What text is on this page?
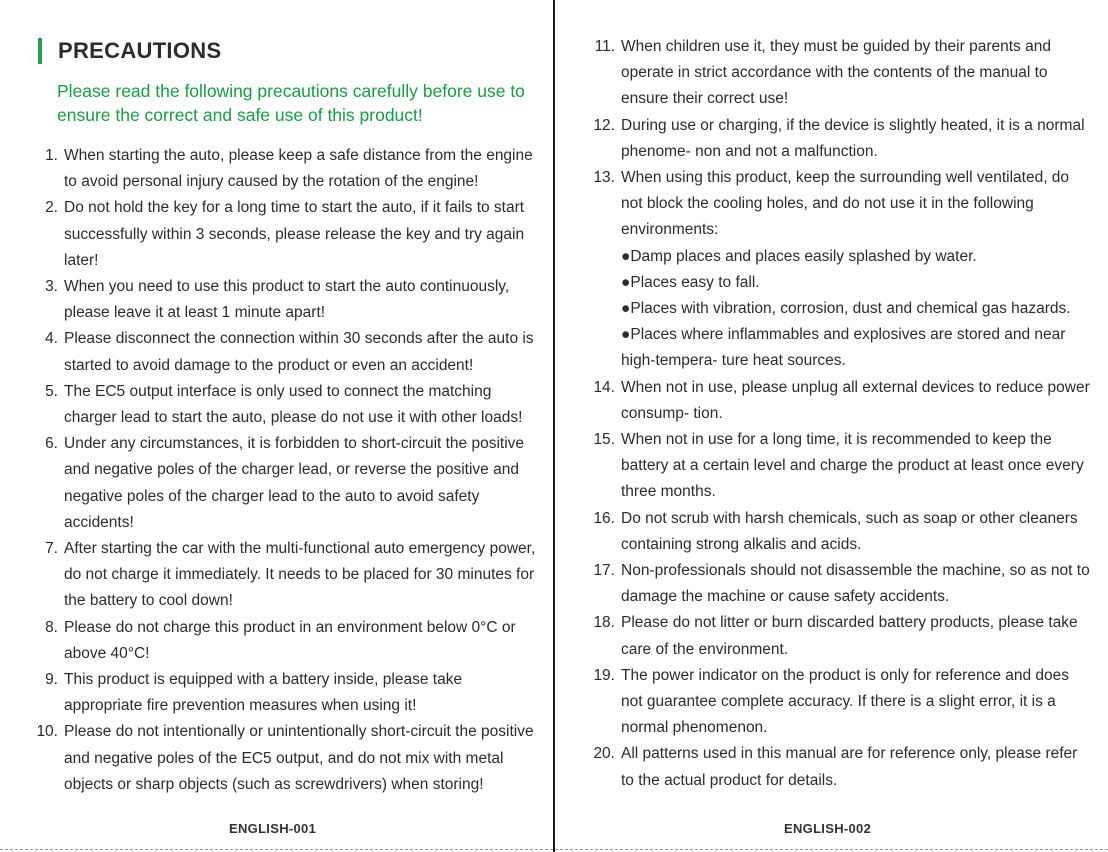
PRECAUTIONS
Please read the following precautions carefully before use to ensure the correct and safe use of this product!
1. When starting the auto, please keep a safe distance from the engine to avoid personal injury caused by the rotation of the engine!
2. Do not hold the key for a long time to start the auto, if it fails to start successfully within 3 seconds, please release the key and try again later!
3. When you need to use this product to start the auto continuously, please leave it at least 1 minute apart!
4. Please disconnect the connection within 30 seconds after the auto is started to avoid damage to the product or even an accident!
5. The EC5 output interface is only used to connect the matching charger lead to start the auto, please do not use it with other loads!
6. Under any circumstances, it is forbidden to short-circuit the positive and negative poles of the charger lead, or reverse the positive and negative poles of the charger lead to the auto to avoid safety accidents!
7. After starting the car with the multi-functional auto emergency power, do not charge it immediately. It needs to be placed for 30 minutes for the battery to cool down!
8. Please do not charge this product in an environment below 0°C or above 40°C!
9. This product is equipped with a battery inside, please take appropriate fire prevention measures when using it!
10. Please do not intentionally or unintentionally short-circuit the positive and negative poles of the EC5 output, and do not mix with metal objects or sharp objects (such as screwdrivers) when storing!
ENGLISH-001
11. When children use it, they must be guided by their parents and operate in strict accordance with the contents of the manual to ensure their correct use!
12. During use or charging, if the device is slightly heated, it is a normal phenome- non and not a malfunction.
13. When using this product, keep the surrounding well ventilated, do not block the cooling holes, and do not use it in the following environments:
●Damp places and places easily splashed by water.
●Places easy to fall.
●Places with vibration, corrosion, dust and chemical gas hazards.
●Places where inflammables and explosives are stored and near high-tempera- ture heat sources.
14. When not in use, please unplug all external devices to reduce power consump- tion.
15. When not in use for a long time, it is recommended to keep the battery at a certain level and charge the product at least once every three months.
16. Do not scrub with harsh chemicals, such as soap or other cleaners containing strong alkalis and acids.
17. Non-professionals should not disassemble the machine, so as not to damage the machine or cause safety accidents.
18. Please do not litter or burn discarded battery products, please take care of the environment.
19. The power indicator on the product is only for reference and does not guarantee complete accuracy. If there is a slight error, it is a normal phenomenon.
20. All patterns used in this manual are for reference only, please refer to the actual product for details.
ENGLISH-002
